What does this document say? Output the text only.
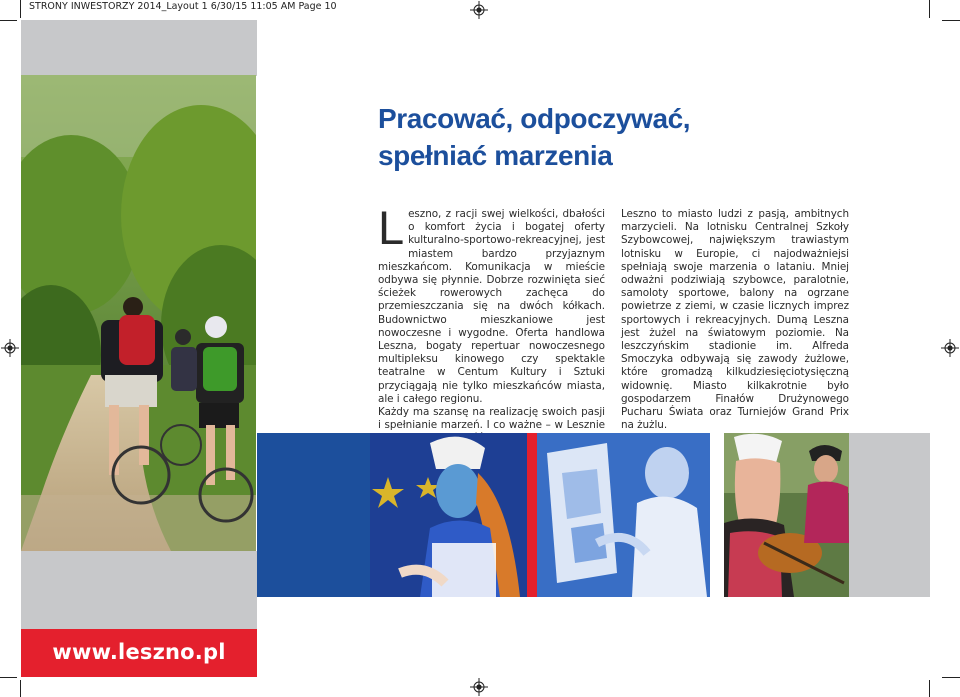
STRONY INWESTORZY 2014_Layout 1 6/30/15 11:05 AM Page 10
www.leszno.pl
Pracować, odpoczywać,
spełniać marzenia

Leszno, z racji swej wielkości, dbałości o komfort życia i bogatej oferty kulturalno-sportowo-rekreacyjnej, jest miastem bardzo przyjaznym mieszkańcom. Komunikacja w mieście odbywa się płynnie. Dobrze rozwinięta sieć ścieżek rowerowych zachęca do przemieszczania się na dwóch kółkach. Budownictwo mieszkaniowe jest nowoczesne i wygodne. Oferta handlowa Leszna, bogaty repertuar nowoczesnego multipleksu kinowego czy spektakle teatralne w Centum Kultury i Sztuki przyciągają nie tylko mieszkańców miasta, ale i całego regionu.

Każdy ma szansę na realizację swoich pasji i spełnianie marzeń. I co ważne – w Lesznie

Leszno to miasto ludzi z pasją, ambitnych marzycieli. Na lotnisku Centralnej Szkoły Szybowcowej, największym trawiastym lotnisku w Europie, ci najodważniejsi spełniają swoje marzenia o lataniu. Mniej odważni podziwiają szybowce, paralotnie, samoloty sportowe, balony na ogrzane powietrze z ziemi, w czasie licznych imprez sportowych i rekreacyjnych. Dumą Leszna jest żużel na światowym poziomie. Na leszczyńskim stadionie im. Alfreda Smoczyka odbywają się zawody żużlowe, które gromadzą kilkudziesięciotysięczną widownię. Miasto kilkakrotnie było gospodarzem Finałów Drużynowego Pucharu Świata oraz Turniejów Grand Prix na żużlu.
